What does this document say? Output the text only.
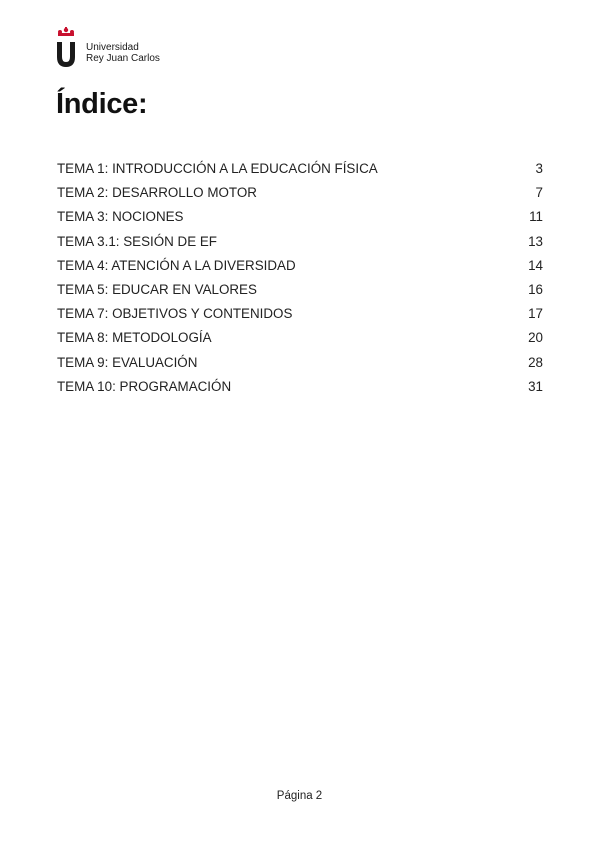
Universidad
Rey Juan Carlos
Índice:
TEMA 1: INTRODUCCIÓN A LA EDUCACIÓN FÍSICA	3
TEMA 2: DESARROLLO MOTOR	7
TEMA 3: NOCIONES	11
TEMA 3.1: SESIÓN DE EF	13
TEMA 4: ATENCIÓN A LA DIVERSIDAD	14
TEMA 5: EDUCAR EN VALORES	16
TEMA 7: OBJETIVOS Y CONTENIDOS	17
TEMA 8: METODOLOGÍA	20
TEMA 9: EVALUACIÓN	28
TEMA 10: PROGRAMACIÓN	31
Página 2
